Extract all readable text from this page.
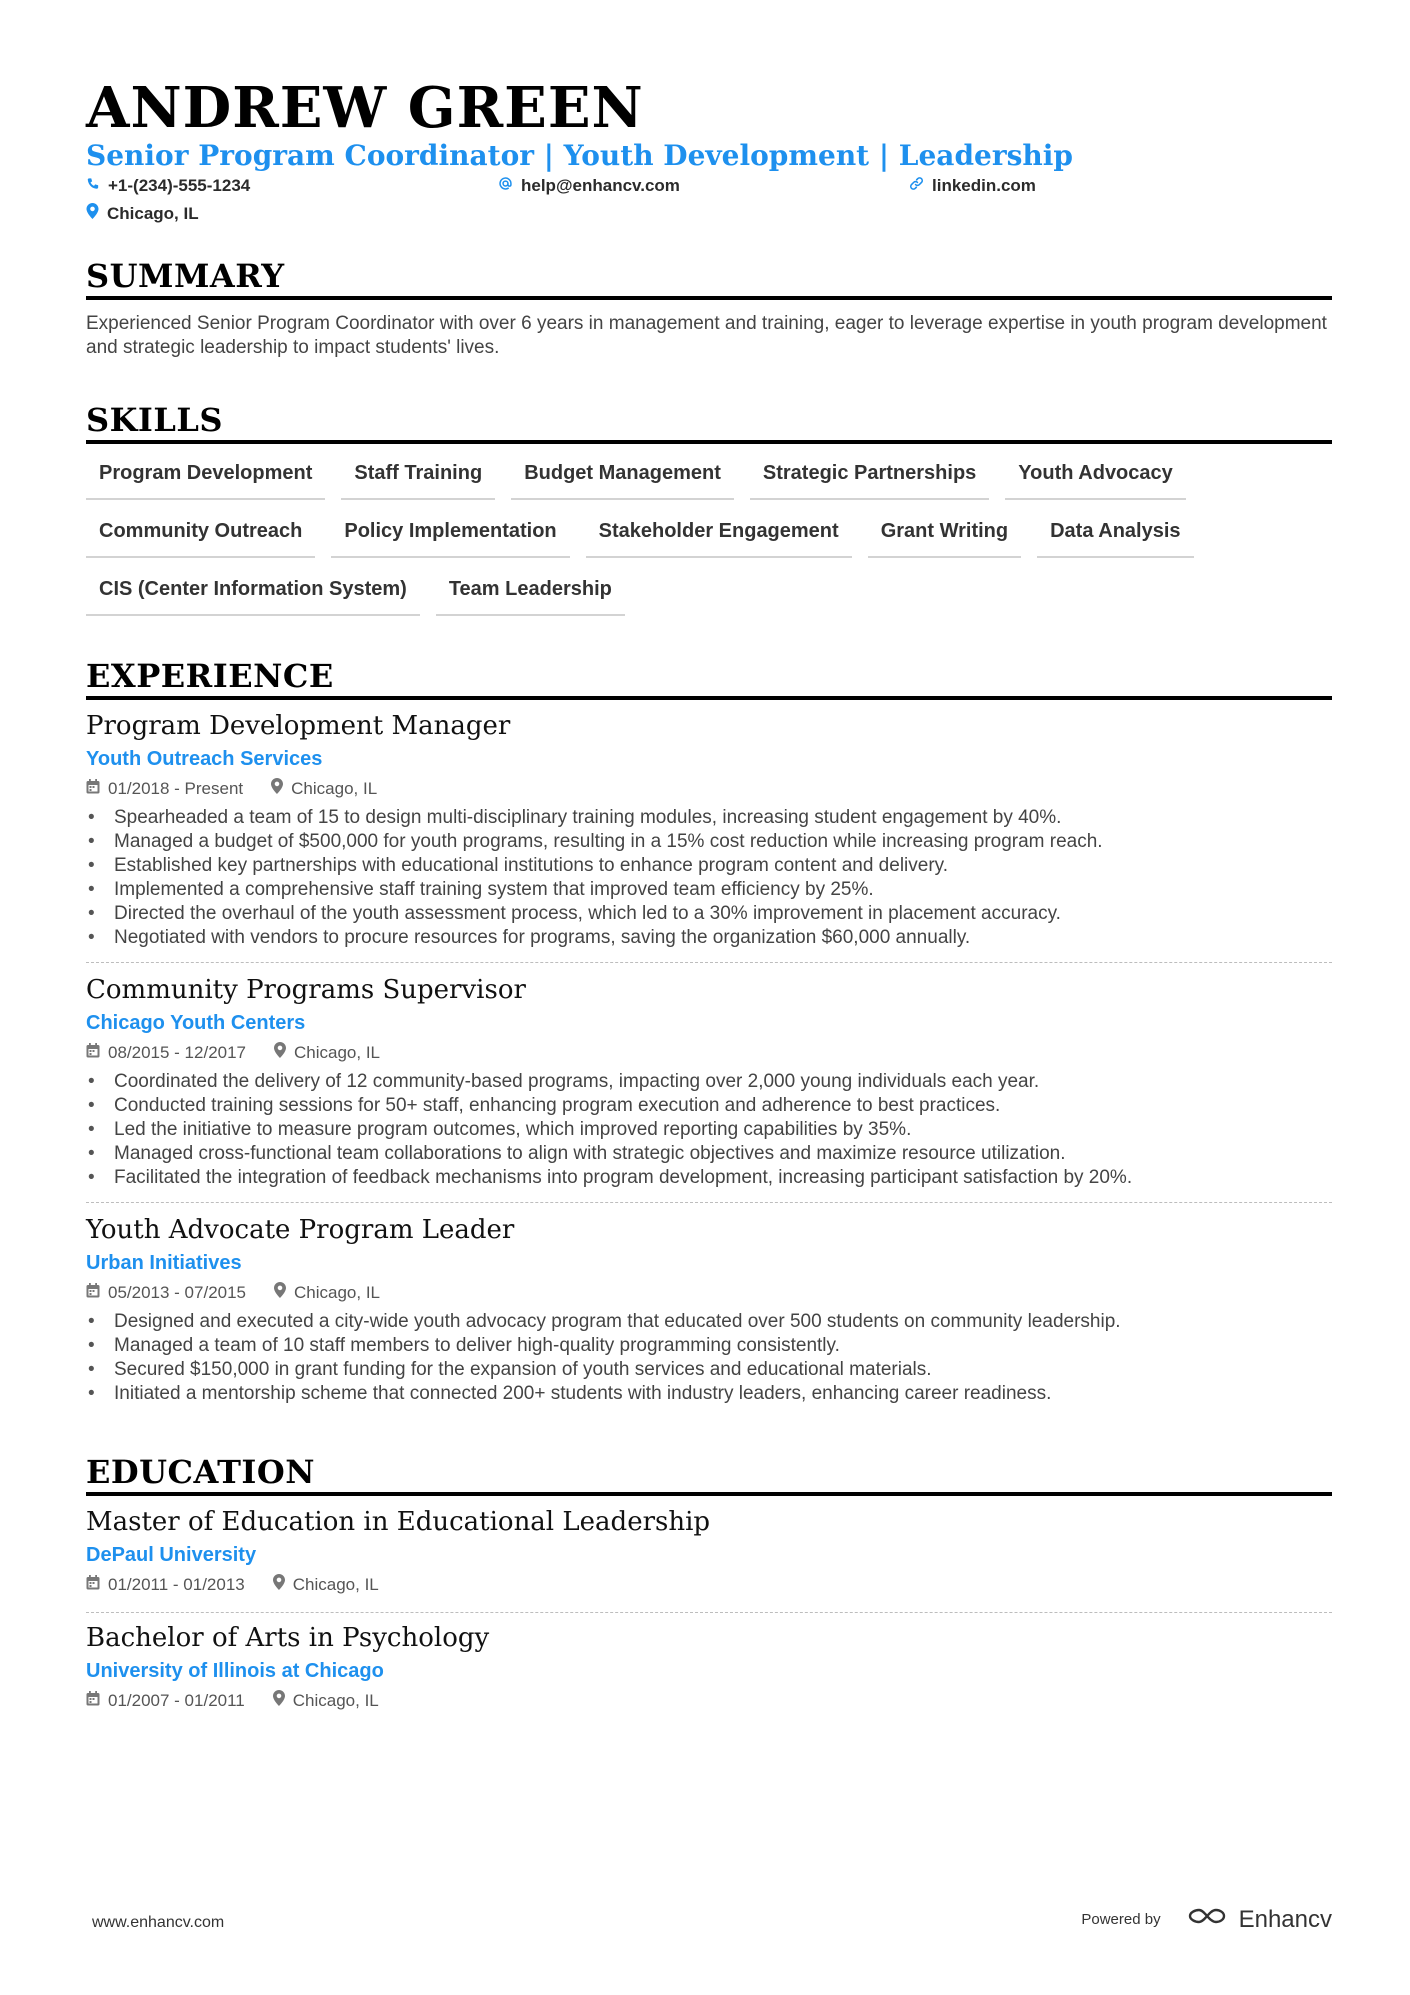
ANDREW GREEN
Senior Program Coordinator | Youth Development | Leadership
+1-(234)-555-1234	help@enhancv.com	linkedin.com
Chicago, IL
SUMMARY
Experienced Senior Program Coordinator with over 6 years in management and training, eager to leverage expertise in youth program development and strategic leadership to impact students' lives.
SKILLS
Program Development	Staff Training	Budget Management	Strategic Partnerships	Youth Advocacy
Community Outreach	Policy Implementation	Stakeholder Engagement	Grant Writing	Data Analysis
CIS (Center Information System)	Team Leadership
EXPERIENCE
Program Development Manager
Youth Outreach Services
01/2018 - Present	Chicago, IL
• Spearheaded a team of 15 to design multi-disciplinary training modules, increasing student engagement by 40%.
• Managed a budget of $500,000 for youth programs, resulting in a 15% cost reduction while increasing program reach.
• Established key partnerships with educational institutions to enhance program content and delivery.
• Implemented a comprehensive staff training system that improved team efficiency by 25%.
• Directed the overhaul of the youth assessment process, which led to a 30% improvement in placement accuracy.
• Negotiated with vendors to procure resources for programs, saving the organization $60,000 annually.
Community Programs Supervisor
Chicago Youth Centers
08/2015 - 12/2017	Chicago, IL
• Coordinated the delivery of 12 community-based programs, impacting over 2,000 young individuals each year.
• Conducted training sessions for 50+ staff, enhancing program execution and adherence to best practices.
• Led the initiative to measure program outcomes, which improved reporting capabilities by 35%.
• Managed cross-functional team collaborations to align with strategic objectives and maximize resource utilization.
• Facilitated the integration of feedback mechanisms into program development, increasing participant satisfaction by 20%.
Youth Advocate Program Leader
Urban Initiatives
05/2013 - 07/2015	Chicago, IL
• Designed and executed a city-wide youth advocacy program that educated over 500 students on community leadership.
• Managed a team of 10 staff members to deliver high-quality programming consistently.
• Secured $150,000 in grant funding for the expansion of youth services and educational materials.
• Initiated a mentorship scheme that connected 200+ students with industry leaders, enhancing career readiness.
EDUCATION
Master of Education in Educational Leadership
DePaul University
01/2011 - 01/2013	Chicago, IL
Bachelor of Arts in Psychology
University of Illinois at Chicago
01/2007 - 01/2011	Chicago, IL
www.enhancv.com	Powered by	Enhancv
